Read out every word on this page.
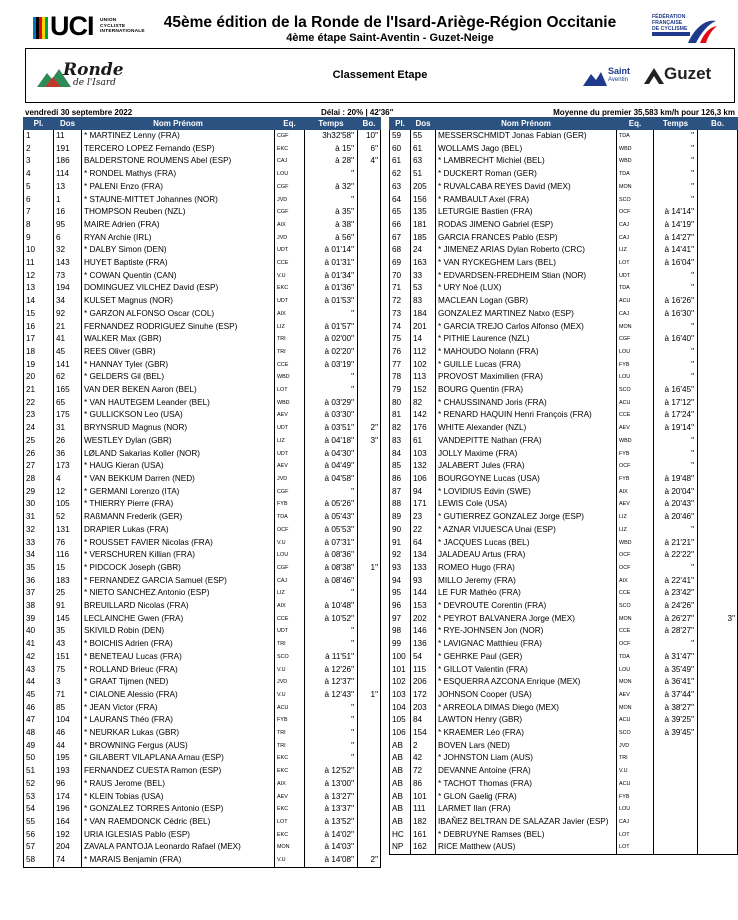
UCI UNION
CYCLISTE
INTERNATIONALE
45ème édition de la Ronde de l'Isard-Ariège-Région Occitanie
4ème étape Saint-Aventin - Guzet-Neige
FÉDÉRATION
FRANÇAISE
DE CYCLISME
Ronde
de l'Isard
Classement Etape	Saint
Aventin Guzet
vendredi 30 septembre 2022	Délai : 20% | 42'36"	Moyenne du premier 35,583 km/h pour 126,3 km
Pl.	Dos	Nom Prénom	Eq.	Temps	Bo.
1	11	* MARTINEZ Lenny (FRA)	CGF	3h32'58"	10"
2	191	TERCERO LOPEZ Fernando (ESP)	EKC	à 15"	6"
3	186	BALDERSTONE ROUMENS Abel (ESP)	CAJ	à 28"	4"
4	114	* RONDEL Mathys (FRA)	LOU	"	
5	13	* PALENI Enzo (FRA)	CGF	à 32"	
6	1	* STAUNE-MITTET Johannes (NOR)	JVD	"	
7	16	THOMPSON Reuben (NZL)	CGF	à 35"	
8	95	MAIRE Adrien (FRA)	AIX	à 38"	
9	6	RYAN Archie (IRL)	JVD	à 56"	
10	32	* DALBY Simon (DEN)	UDT	à 01'14"	
11	143	HUYET Baptiste (FRA)	CCE	à 01'31"	
12	73	* COWAN Quentin (CAN)	V.U	à 01'34"	
13	194	DOMINGUEZ VILCHEZ David (ESP)	EKC	à 01'36"	
14	34	KULSET Magnus (NOR)	UDT	à 01'53"	
15	92	* GARZON ALFONSO Oscar (COL)	AIX	"	
16	21	FERNANDEZ RODRIGUEZ Sinuhe (ESP)	LIZ	à 01'57"	
17	41	WALKER Max (GBR)	TRI	à 02'00"	
18	45	REES Oliver (GBR)	TRI	à 02'20"	
19	141	* HANNAY Tyler (GBR)	CCE	à 03'19"	
20	62	* GELDERS Gil (BEL)	WBD	"	
21	165	VAN DER BEKEN Aaron (BEL)	LOT	"	
22	65	* VAN HAUTEGEM Leander (BEL)	WBD	à 03'29"	
23	175	* GULLICKSON Leo (USA)	AEV	à 03'30"	
24	31	BRYNSRUD Magnus (NOR)	UDT	à 03'51"	2"
25	26	WESTLEY Dylan (GBR)	LIZ	à 04'18"	3"
26	36	LØLAND Sakarias Koller (NOR)	UDT	à 04'30"	
27	173	* HAUG Kieran (USA)	AEV	à 04'49"	
28	4	* VAN BEKKUM Darren (NED)	JVD	à 04'58"	
29	12	* GERMANI Lorenzo (ITA)	CGF	"	
30	105	* THIERRY Pierre (FRA)	FYB	à 05'26"	
31	52	RAßMANN Frederik (GER)	TDA	à 05'43"	
32	131	DRAPIER Lukas (FRA)	OCF	à 05'53"	
33	76	* ROUSSET FAVIER Nicolas (FRA)	V.U	à 07'31"	
34	116	* VERSCHUREN Killian (FRA)	LOU	à 08'36"	
35	15	* PIDCOCK Joseph (GBR)	CGF	à 08'38"	1"
36	183	* FERNANDEZ GARCIA Samuel (ESP)	CAJ	à 08'46"	
37	25	* NIETO SANCHEZ Antonio (ESP)	LIZ	"	
38	91	BREUILLARD Nicolas (FRA)	AIX	à 10'48"	
39	145	LECLAINCHE Gwen (FRA)	CCE	à 10'52"	
40	35	SKIVILD Robin (DEN)	UDT	"	
41	43	* BOICHIS Adrien (FRA)	TRI	"	
42	151	* BENETEAU Lucas (FRA)	SCO	à 11'51"	
43	75	* ROLLAND Brieuc (FRA)	V.U	à 12'26"	
44	3	* GRAAT Tijmen (NED)	JVD	à 12'37"	
45	71	* CIALONE Alessio (FRA)	V.U	à 12'43"	1"
46	85	* JEAN Victor (FRA)	ACU	"	
47	104	* LAURANS Théo (FRA)	FYB	"	
48	46	* NEURKAR Lukas (GBR)	TRI	"	
49	44	* BROWNING Fergus (AUS)	TRI	"	
50	195	* GILABERT VILAPLANA Arnau (ESP)	EKC	"	
51	193	FERNANDEZ CUESTA Ramon (ESP)	EKC	à 12'52"	
52	96	* RAUS Jerome (BEL)	AIX	à 13'00"	
53	174	* KLEIN Tobias (USA)	AEV	à 13'27"	
54	196	* GONZALEZ TORRES Antonio (ESP)	EKC	à 13'37"	
55	164	* VAN RAEMDONCK Cédric (BEL)	LOT	à 13'52"	
56	192	URIA IGLESIAS Pablo (ESP)	EKC	à 14'02"	
57	204	ZAVALA PANTOJA Leonardo Rafael (MEX)	MON	à 14'03"	
58	74	* MARAIS Benjamin (FRA)	V.U	à 14'08"	2"
Pl.	Dos	Nom Prénom	Eq.	Temps	Bo.
59	55	MESSERSCHMIDT Jonas Fabian (GER)	TDA	"	
60	61	WOLLAMS Jago (BEL)	WBD	"	
61	63	* LAMBRECHT Michiel (BEL)	WBD	"	
62	51	* DUCKERT Roman (GER)	TDA	"	
63	205	* RUVALCABA REYES David (MEX)	MON	"	
64	156	* RAMBAULT Axel (FRA)	SCO	"	
65	135	LETURGIE Bastien (FRA)	OCF	à 14'14"	
66	181	RODAS JIMENO Gabriel (ESP)	CAJ	à 14'19"	
67	185	GARCIA FRANCES Pablo (ESP)	CAJ	à 14'27"	
68	24	* JIMENEZ ARIAS Dylan Roberto (CRC)	LIZ	à 14'41"	
69	163	* VAN RYCKEGHEM Lars (BEL)	LOT	à 16'04"	
70	33	* EDVARDSEN-FREDHEIM Stian (NOR)	UDT	"	
71	53	* URY Noé (LUX)	TDA	"	
72	83	MACLEAN Logan (GBR)	ACU	à 16'26"	
73	184	GONZALEZ MARTINEZ Natxo (ESP)	CAJ	à 16'30"	
74	201	* GARCIA TREJO Carlos Alfonso (MEX)	MON	"	
75	14	* PITHIE Laurence (NZL)	CGF	à 16'40"	
76	112	* MAHOUDO Nolann (FRA)	LOU	"	
77	102	* GUILLE Lucas (FRA)	FYB	"	
78	113	PROVOST Maximilien (FRA)	LOU	"	
79	152	BOURG Quentin (FRA)	SCO	à 16'45"	
80	82	* CHAUSSINAND Joris (FRA)	ACU	à 17'12"	
81	142	* RENARD HAQUIN Henri François (FRA)	CCE	à 17'24"	
82	176	WHITE Alexander (NZL)	AEV	à 19'14"	
83	61	VANDEPITTE Nathan (FRA)	WBD	"	
84	103	JOLLY Maxime (FRA)	FYB	"	
85	132	JALABERT Jules (FRA)	OCF	"	
86	106	BOURGOYNE Lucas (USA)	FYB	à 19'48"	
87	94	* LOVIDIUS Edvin (SWE)	AIX	à 20'04"	
88	171	LEWIS Cole (USA)	AEV	à 20'43"	
89	23	* GUTIERREZ GONZALEZ Jorge (ESP)	LIZ	à 20'46"	
90	22	* AZNAR VIJUESCA Unai (ESP)	LIZ	"	
91	64	* JACQUES Lucas (BEL)	WBD	à 21'21"	
92	134	JALADEAU Artus (FRA)	OCF	à 22'22"	
93	133	ROMEO Hugo (FRA)	OCF	"	
94	93	MILLO Jeremy (FRA)	AIX	à 22'41"	
95	144	LE FUR Mathéo (FRA)	CCE	à 23'42"	
96	153	* DEVROUTE Corentin (FRA)	SCO	à 24'26"	
97	202	* PEYROT BALVANERA Jorge (MEX)	MON	à 26'27"	3"
98	146	* RYE-JOHNSEN Jon (NOR)	CCE	à 28'27"	
99	136	* LAVIGNAC Matthieu (FRA)	OCF	"	
100	54	* GEHRKE Paul (GER)	TDA	à 31'47"	
101	115	* GILLOT Valentin (FRA)	LOU	à 35'49"	
102	206	* ESQUERRA AZCONA Enrique (MEX)	MON	à 36'41"	
103	172	JOHNSON Cooper (USA)	AEV	à 37'44"	
104	203	* ARREOLA DIMAS Diego (MEX)	MON	à 38'27"	
105	84	LAWTON Henry (GBR)	ACU	à 39'25"	
106	154	* KRAEMER Léo (FRA)	SCO	à 39'45"	
AB	2	BOVEN Lars (NED)	JVD		
AB	42	* JOHNSTON Liam (AUS)	TRI		
AB	72	DEVANNE Antoine (FRA)	V.U		
AB	86	* TACHOT Thomas (FRA)	ACU		
AB	101	* GLON Gaelig (FRA)	FYB		
AB	111	LARMET Ilan (FRA)	LOU		
AB	182	IBAÑEZ BELTRAN DE SALAZAR Javier (ESP)	CAJ		
HC	161	* DEBRUYNE Ramses (BEL)	LOT		
NP	162	RICE Matthew (AUS)	LOT		
